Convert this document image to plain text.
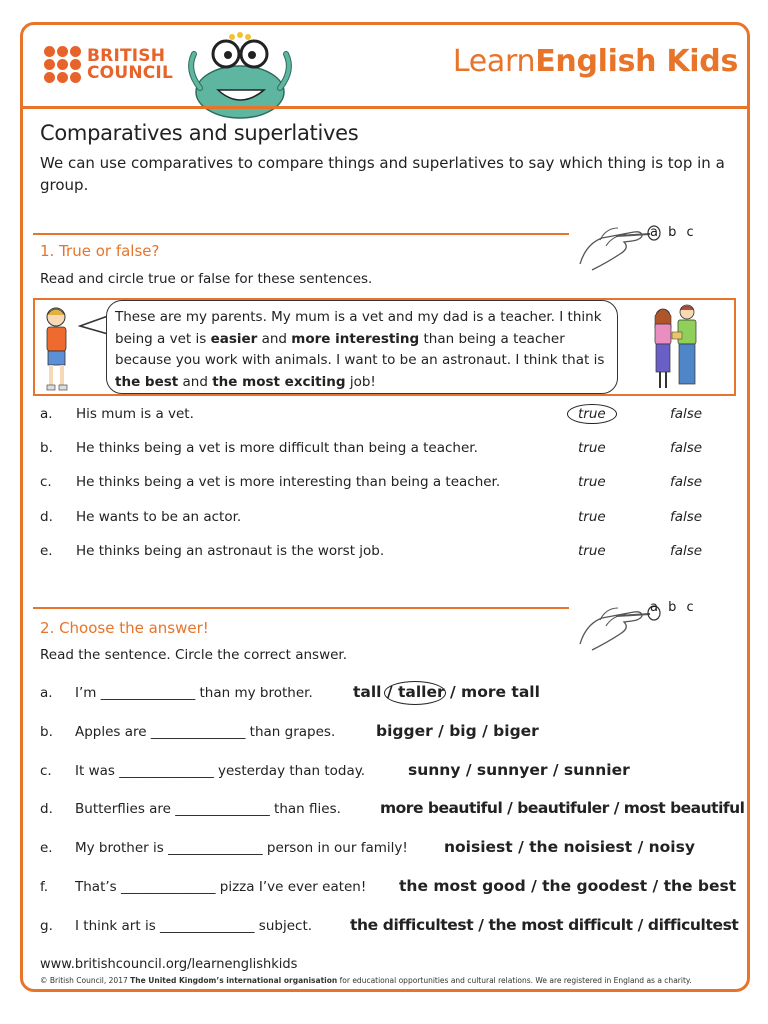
BRITISH
COUNCIL	LearnEnglish Kids
Comparatives and superlatives
We can use comparatives to compare things and superlatives to say which thing is top in a group.
a b c
1. True or false?
Read and circle true or false for these sentences.
These are my parents. My mum is a vet and my dad is a teacher. I think being a vet is easier and more interesting than being a teacher because you work with animals. I want to be an astronaut. I think that is the best and the most exciting job!
a. His mum is a vet.	true	false
b. He thinks being a vet is more difficult than being a teacher.	true	false
c. He thinks being a vet is more interesting than being a teacher.	true	false
d. He wants to be an actor.	true	false
e. He thinks being an astronaut is the worst job.	true	false
a b c
2. Choose the answer!
Read the sentence. Circle the correct answer.
a. I’m ______________ than my brother.	tall / taller / more tall
b. Apples are ______________ than grapes.	bigger / big / biger
c. It was ______________ yesterday than today.	sunny / sunnyer / sunnier
d. Butterflies are ______________ than flies.	more beautiful / beautifuler / most beautiful
e. My brother is ______________ person in our family! noisiest / the noisiest / noisy
f. That’s ______________ pizza I’ve ever eaten! the most good / the goodest / the best
g. I think art is ______________ subject. the difficultest / the most difficult / difficultest
www.britishcouncil.org/learnenglishkids
© British Council, 2017 The United Kingdom’s international organisation for educational opportunities and cultural relations. We are registered in England as a charity.
